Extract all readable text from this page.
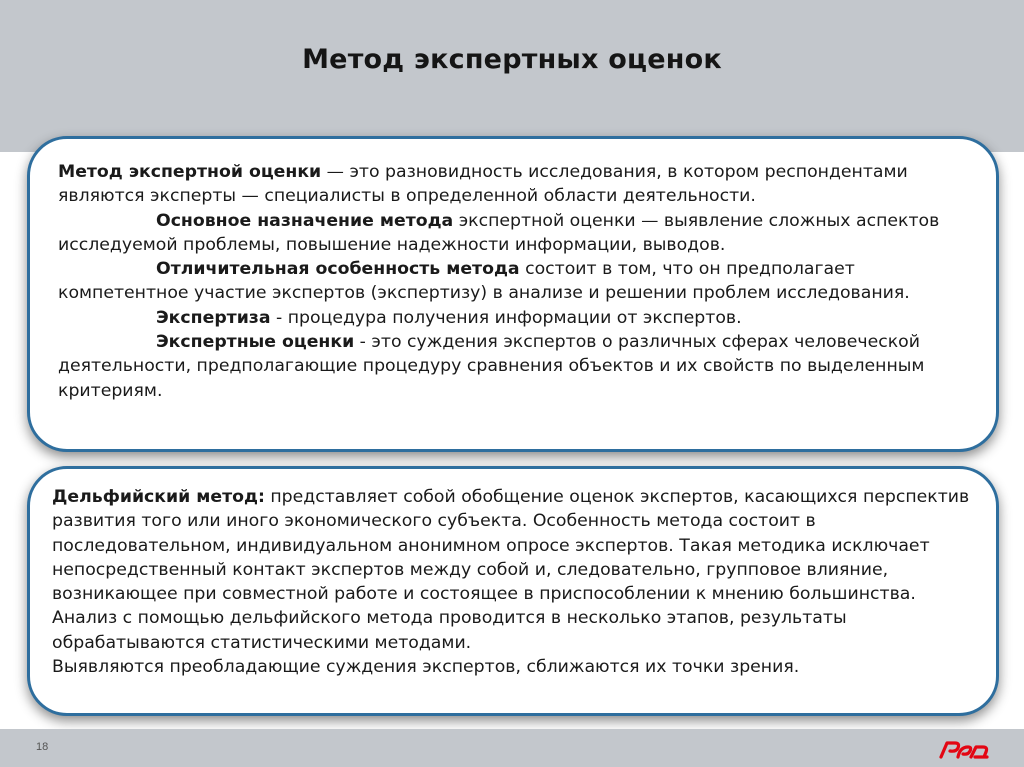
Метод экспертных оценок

Метод экспертной оценки — это разновидность исследования, в котором респондентами являются эксперты — специалисты в определенной области деятельности.

Основное назначение метода экспертной оценки — выявление сложных аспектов исследуемой проблемы, повышение надежности информации, выводов.

Отличительная особенность метода состоит в том, что он предполагает компетентное участие экспертов (экспертизу) в анализе и решении проблем исследования.

Экспертиза - процедура получения информации от экспертов.

Экспертные оценки - это суждения экспертов о различных сферах человеческой деятельности, предполагающие процедуру сравнения объектов и их свойств по выделенным критериям.

Дельфийский метод: представляет собой обобщение оценок экспертов, касающихся перспектив развития того или иного экономического субъекта. Особенность метода состоит в последовательном, индивидуальном анонимном опросе экспертов. Такая методика исключает непосредственный контакт экспертов между собой и, следовательно, групповое влияние, возникающее при совместной работе и состоящее в приспособлении к мнению большинства.

Анализ с помощью дельфийского метода проводится в несколько этапов, результаты обрабатываются статистическими методами.

Выявляются преобладающие суждения экспертов, сближаются их точки зрения.

18
